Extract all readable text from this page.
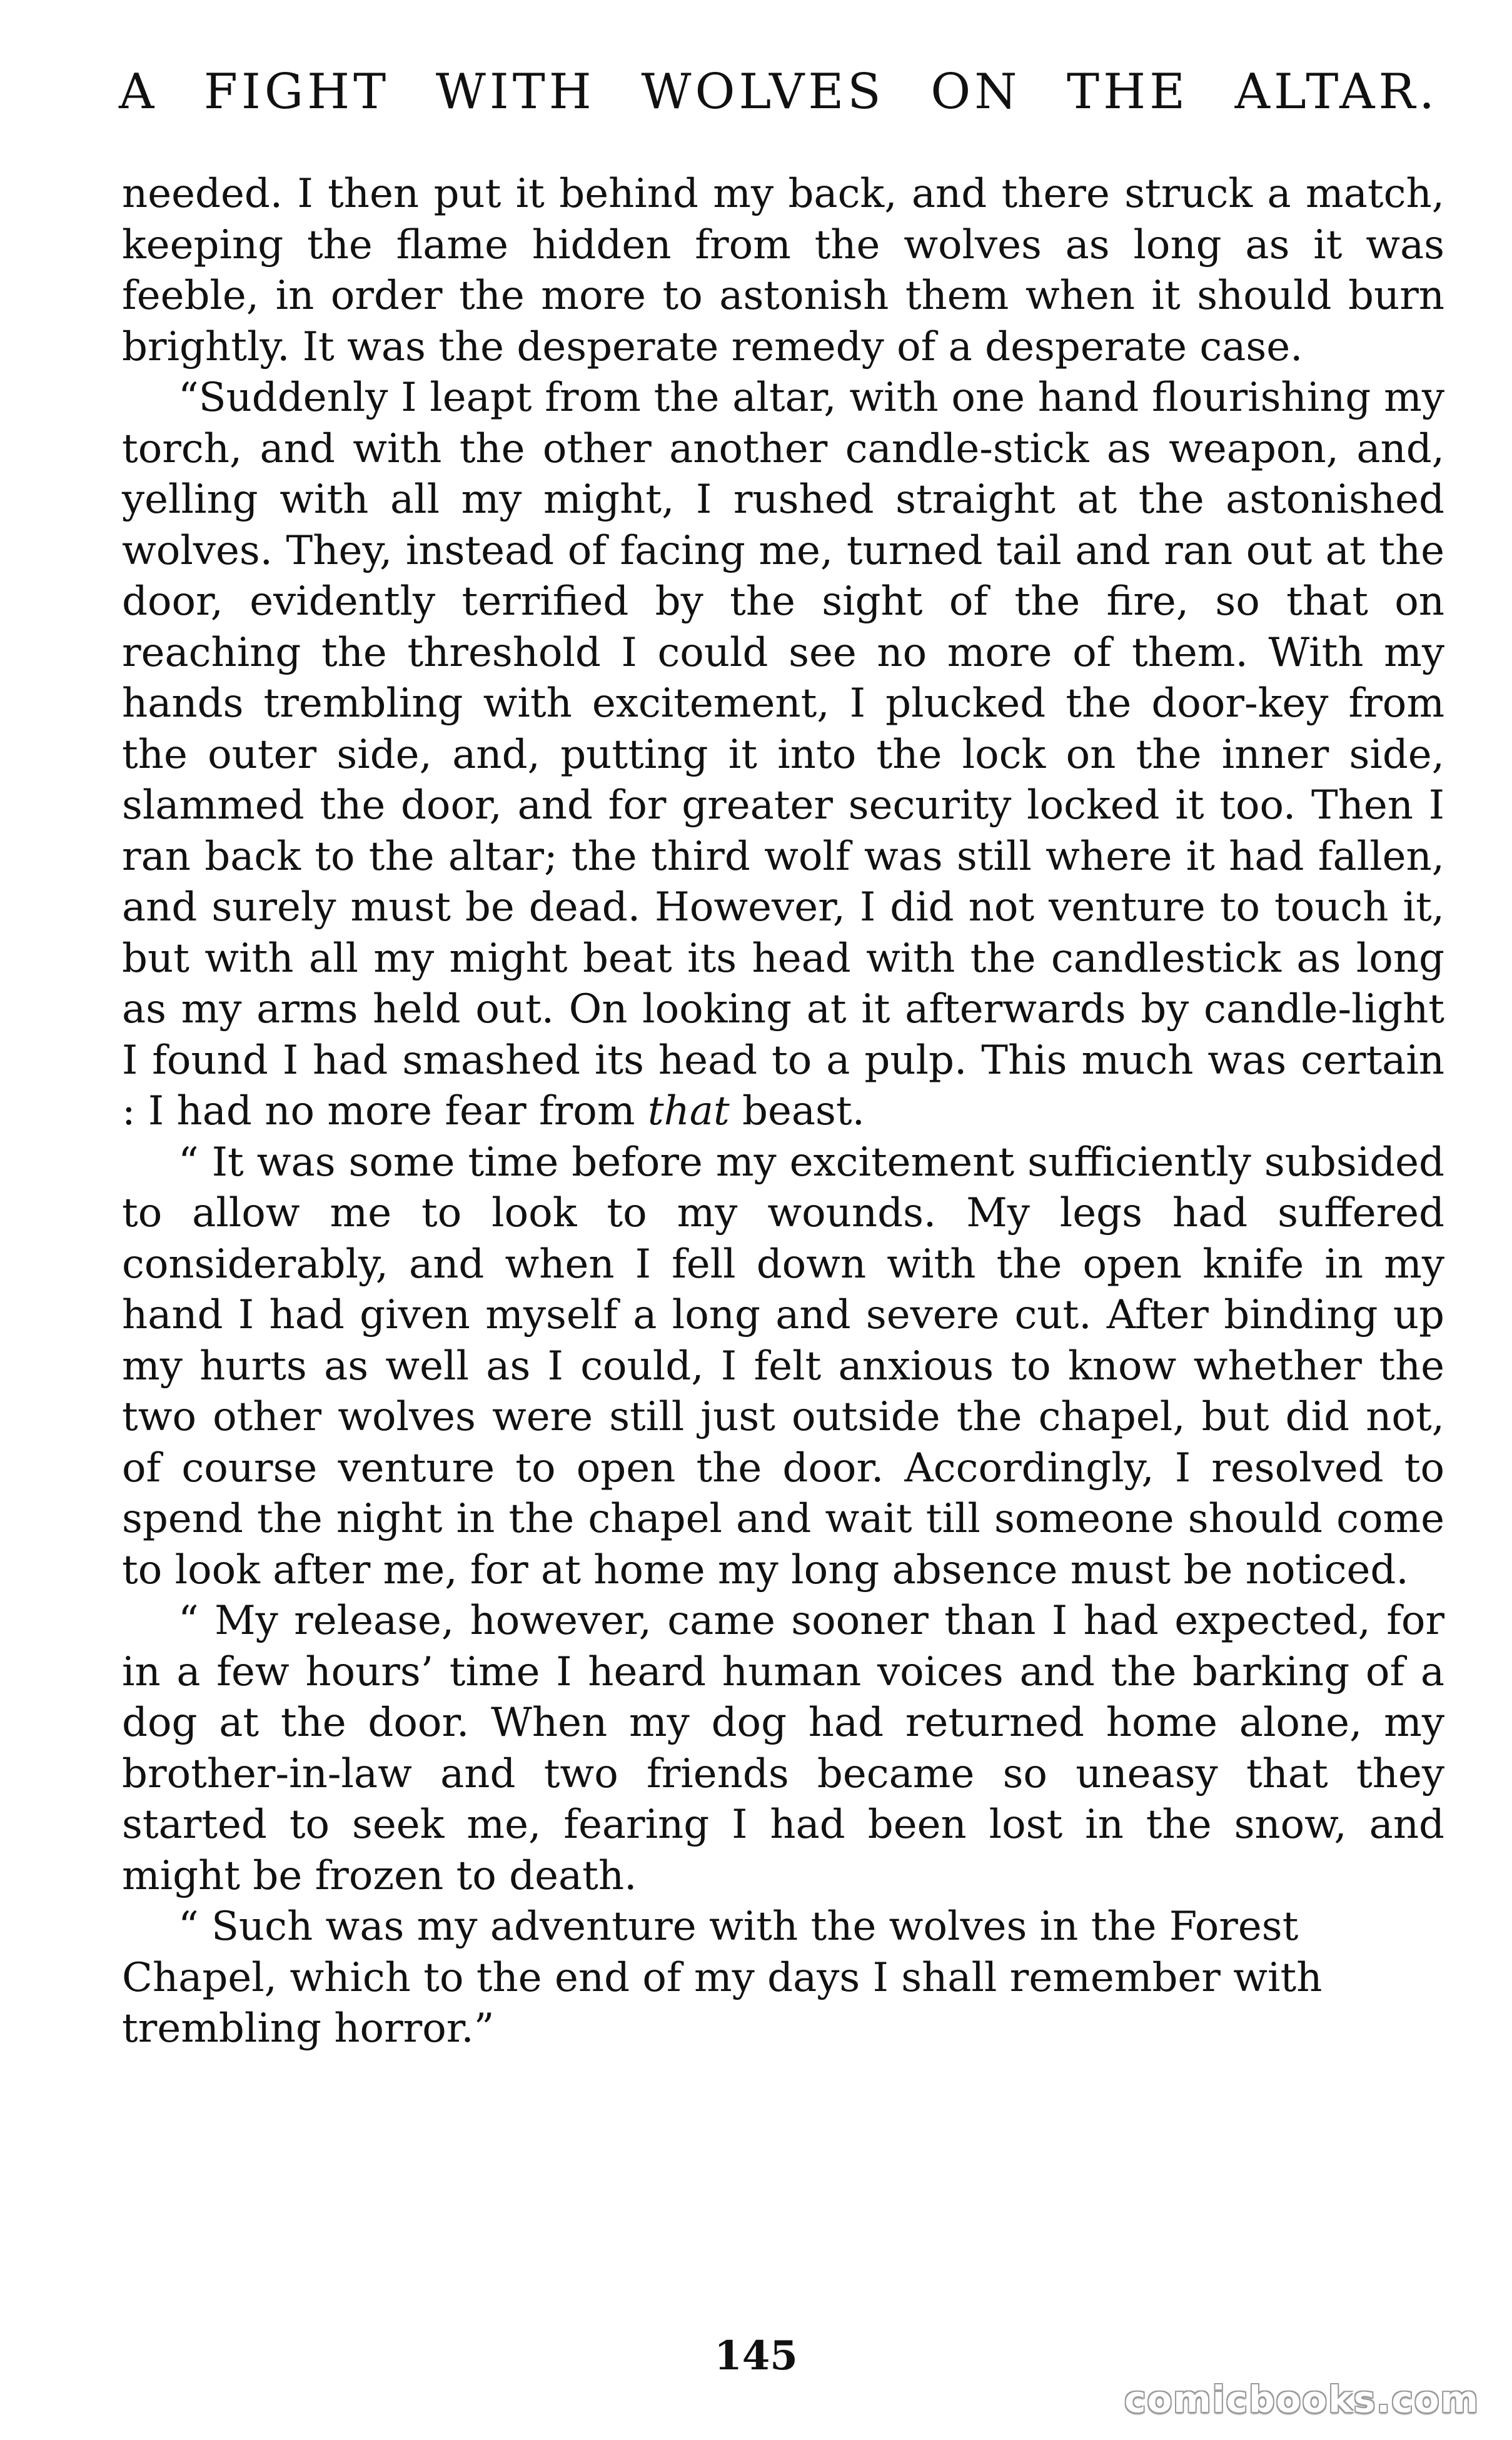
A FIGHT WITH WOLVES ON THE ALTAR.

needed. I then put it behind my back, and there struck a match, keeping the flame hidden from the wolves as long as it was feeble, in order the more to astonish them when it should burn brightly. It was the desperate remedy of a desperate case.

“Suddenly I leapt from the altar, with one hand flourishing my torch, and with the other another candle-stick as weapon, and, yelling with all my might, I rushed straight at the astonished wolves. They, instead of facing me, turned tail and ran out at the door, evidently terrified by the sight of the fire, so that on reaching the threshold I could see no more of them. With my hands trembling with excitement, I plucked the door-key from the outer side, and, putting it into the lock on the inner side, slammed the door, and for greater security locked it too. Then I ran back to the altar; the third wolf was still where it had fallen, and surely must be dead. However, I did not venture to touch it, but with all my might beat its head with the candlestick as long as my arms held out. On looking at it afterwards by candle-light I found I had smashed its head to a pulp. This much was certain : I had no more fear from that beast.

“ It was some time before my excitement sufficiently subsided to allow me to look to my wounds. My legs had suffered considerably, and when I fell down with the open knife in my hand I had given myself a long and severe cut. After binding up my hurts as well as I could, I felt anxious to know whether the two other wolves were still just outside the chapel, but did not, of course venture to open the door. Accordingly, I resolved to spend the night in the chapel and wait till someone should come to look after me, for at home my long absence must be noticed.

“ My release, however, came sooner than I had expected, for in a few hours’ time I heard human voices and the barking of a dog at the door. When my dog had returned home alone, my brother-in-law and two friends became so uneasy that they started to seek me, fearing I had been lost in the snow, and might be frozen to death.

“ Such was my adventure with the wolves in the Forest Chapel, which to the end of my days I shall remember with trembling horror.”

145
comicbooks.com
